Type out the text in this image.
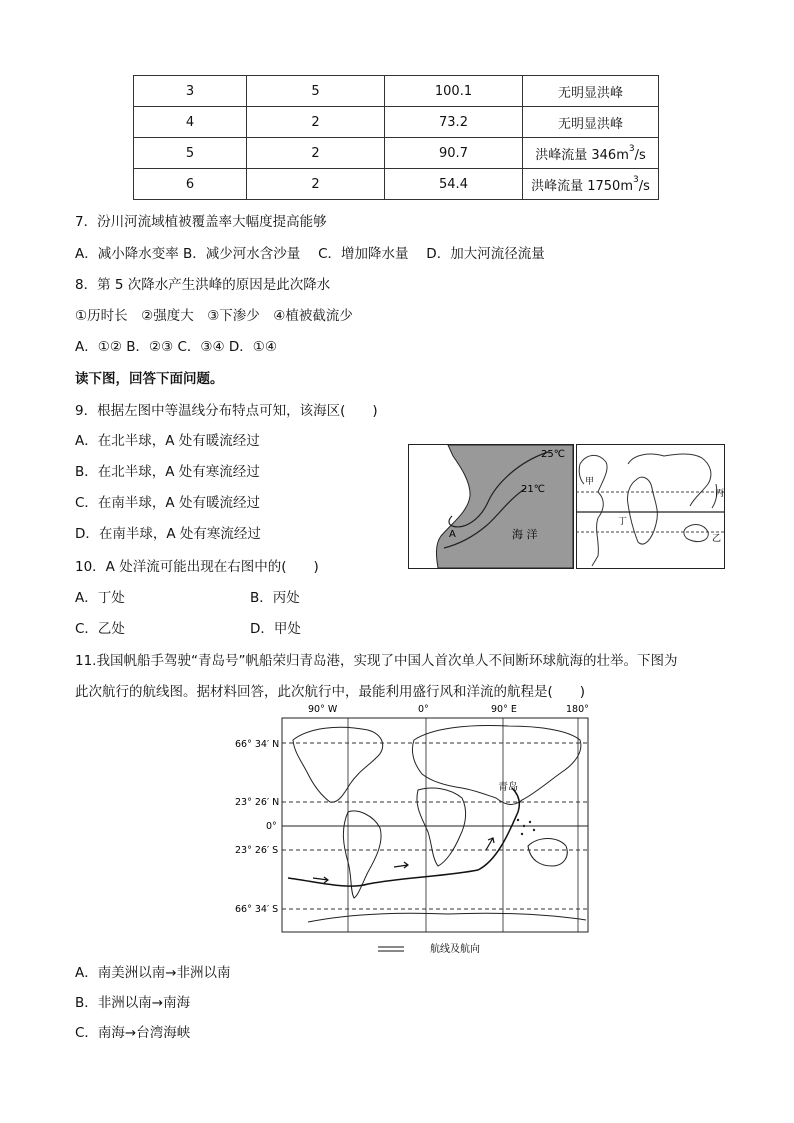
3	5	100.1	无明显洪峰
4	2	73.2	无明显洪峰
5	2	90.7	洪峰流量 $346m^3/s$
6	2	54.4	洪峰流量 $1750m^3/s$
7．汾川河流域植被覆盖率大幅度提高能够
A．减小降水变率 B．减少河水含沙量　 C．增加降水量　 D．加大河流径流量
8．第 5 次降水产生洪峰的原因是此次降水
①历时长　②强度大　③下渗少　④植被截流少
A．①② B．②③ C．③④ D．①④
读下图，回答下面问题。
9．根据左图中等温线分布特点可知，该海区(　　)
A．在北半球，A 处有暖流经过
B．在北半球，A 处有寒流经过
C．在南半球，A 处有暖流经过
D．在南半球，A 处有寒流经过
25℃
21℃
A	海 洋
甲
乙
丙
丁
10．A 处洋流可能出现在右图中的(　　)
A．丁处	B．丙处
C．乙处	D．甲处
11.我国帆船手驾驶“青岛号”帆船荣归青岛港，实现了中国人首次单人不间断环球航海的壮举。下图为
此次航行的航线图。据材料回答，此次航行中，最能利用盛行风和洋流的航程是(　　)
90° W	0°	90° E	180°
66° 34′ N
23° 26′ N
0°
23° 26′ S
66° 34′ S
青岛
航线及航向
A．南美洲以南→非洲以南
B．非洲以南→南海
C．南海→台湾海峡
